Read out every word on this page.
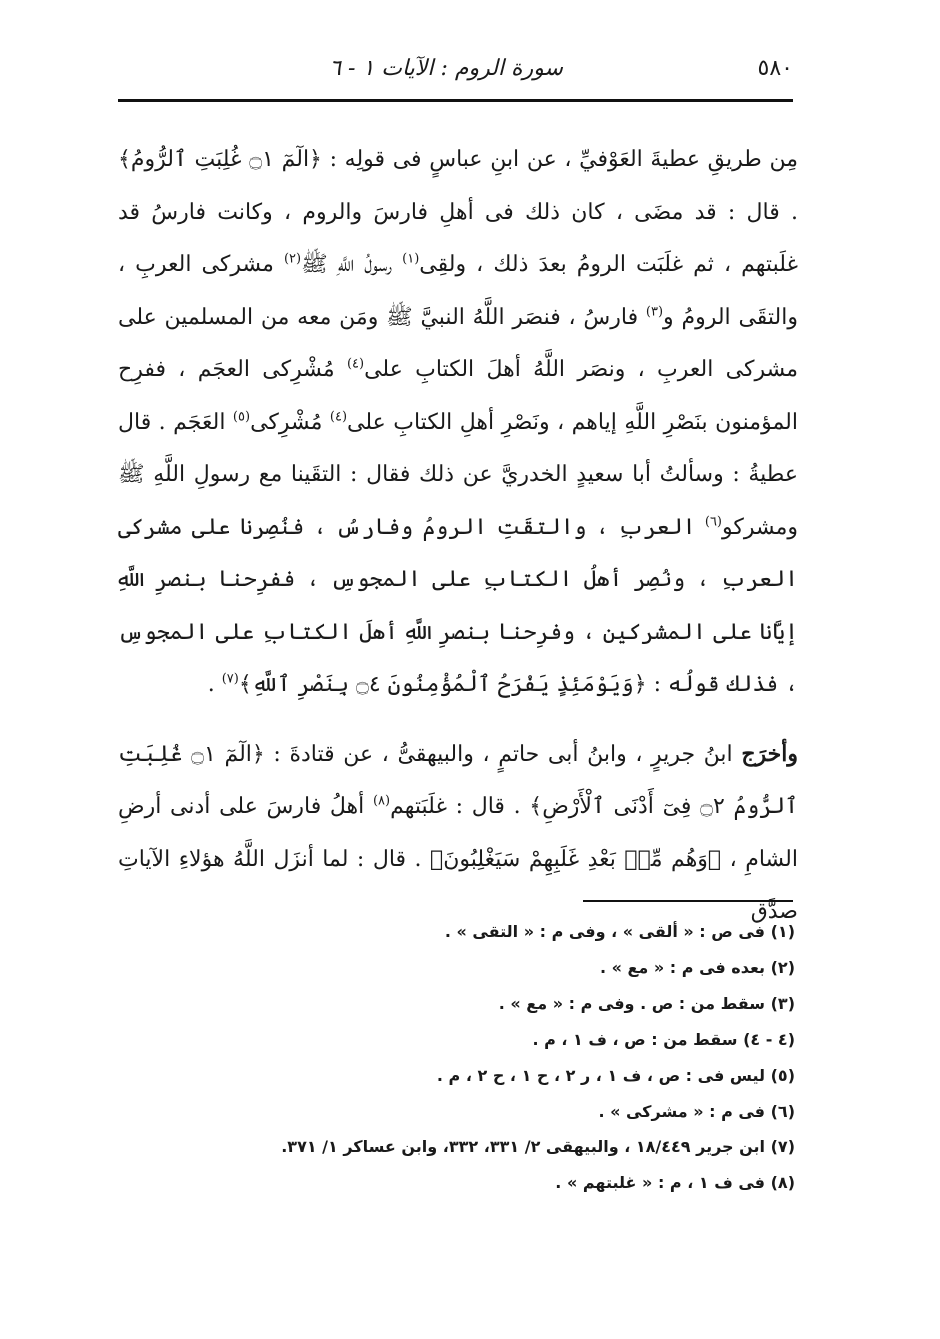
٥٨٠
سورة الروم : الآيات ١ - ٦

مِن طريقِ عطيةَ العَوْفيِّ ، عن ابنِ عباسٍ فى قولِه : ﴿الٓمٓ ۝١ غُلِبَتِ ٱلرُّومُ﴾ . قال : قد مضَى ، كان ذلك فى أهلِ فارسَ والروم ، وكانت فارسُ قد غلَبتهم ، ثم غلَبَت الرومُ بعدَ ذلك ، ولقِى$^{(١)}$ رسولُ اللَّهِ ﷺ$^{(٢)}$ مشركى العربِ ، والتقَى الرومُ و$^{(٣)}$ فارسُ ، فنصَر اللَّهُ النبيَّ ﷺ ومَن معه من المسلمين على مشركى العربِ ، ونصَر اللَّهُ أهلَ الكتابِ على$^{(٤)}$ مُشْرِكى العجَم ، ففرِح المؤمنون بنَصْرِ اللَّهِ إياهم ، ونَصْرِ أهلِ الكتابِ على$^{(٤)}$ مُشْرِكى$^{(٥)}$ العَجَم . قال عطيةُ : وسألتُ أبا سعيدٍ الخدريَّ عن ذلك فقال : التقَينا مع رسولِ اللَّهِ ﷺ ومشركو$^{(٦)}$ العربِ ، والتقَتِ الرومُ وفارسُ ، فنُصِرنا على مشركى العربِ ، ونُصِر أهلُ الكتابِ على المجوسِ ، ففرِحنا بنصرِ اللَّهِ إيَّانا على المشركين ، وفرِحنا بنصرِ اللَّهِ أهلَ الكتابِ على المجوسِ ، فذلك قولُه : ﴿وَيَوْمَئِذٍ يَفْرَحُ ٱلْمُؤْمِنُونَ ۝٤ بِنَصْرِ ٱللَّهِ﴾$^{(٧)}$ .

وأخرَج ابنُ جريرٍ ، وابنُ أبى حاتمٍ ، والبيهقىُّ ، عن قتادةَ : ﴿الٓمٓ ۝١ غُلِبَتِ ٱلرُّومُ ۝٢ فِىٓ أَدْنَى ٱلْأَرْضِ﴾ . قال : غلَبَتهم$^{(٨)}$ أهلُ فارسَ على أدنى أرضِ الشامِ ، ﴿وَهُم مِّنۢ بَعْدِ غَلَبِهِمْ سَيَغْلِبُونَ﴾ . قال : لما أنزَل اللَّهُ هؤلاءِ الآياتِ صدَّق

(١) فى ص : « ألقى » ، وفى م : « التقى » .
(٢) بعده فى م : « مع » .
(٣) سقط من : ص . وفى م : « مع » .
(٤ - ٤) سقط من : ص ، ف ١ ، م .
(٥) ليس فى : ص ، ف ١ ، ر ٢ ، ح ١ ، ح ٢ ، م .
(٦) فى م : « مشركى » .
(٧) ابن جرير ١٨/٤٤٩ ، والبيهقى ٢/ ٣٣١، ٣٣٢، وابن عساكر ١/ ٣٧١.
(٨) فى ف ١ ، م : « غلبتهم » .
